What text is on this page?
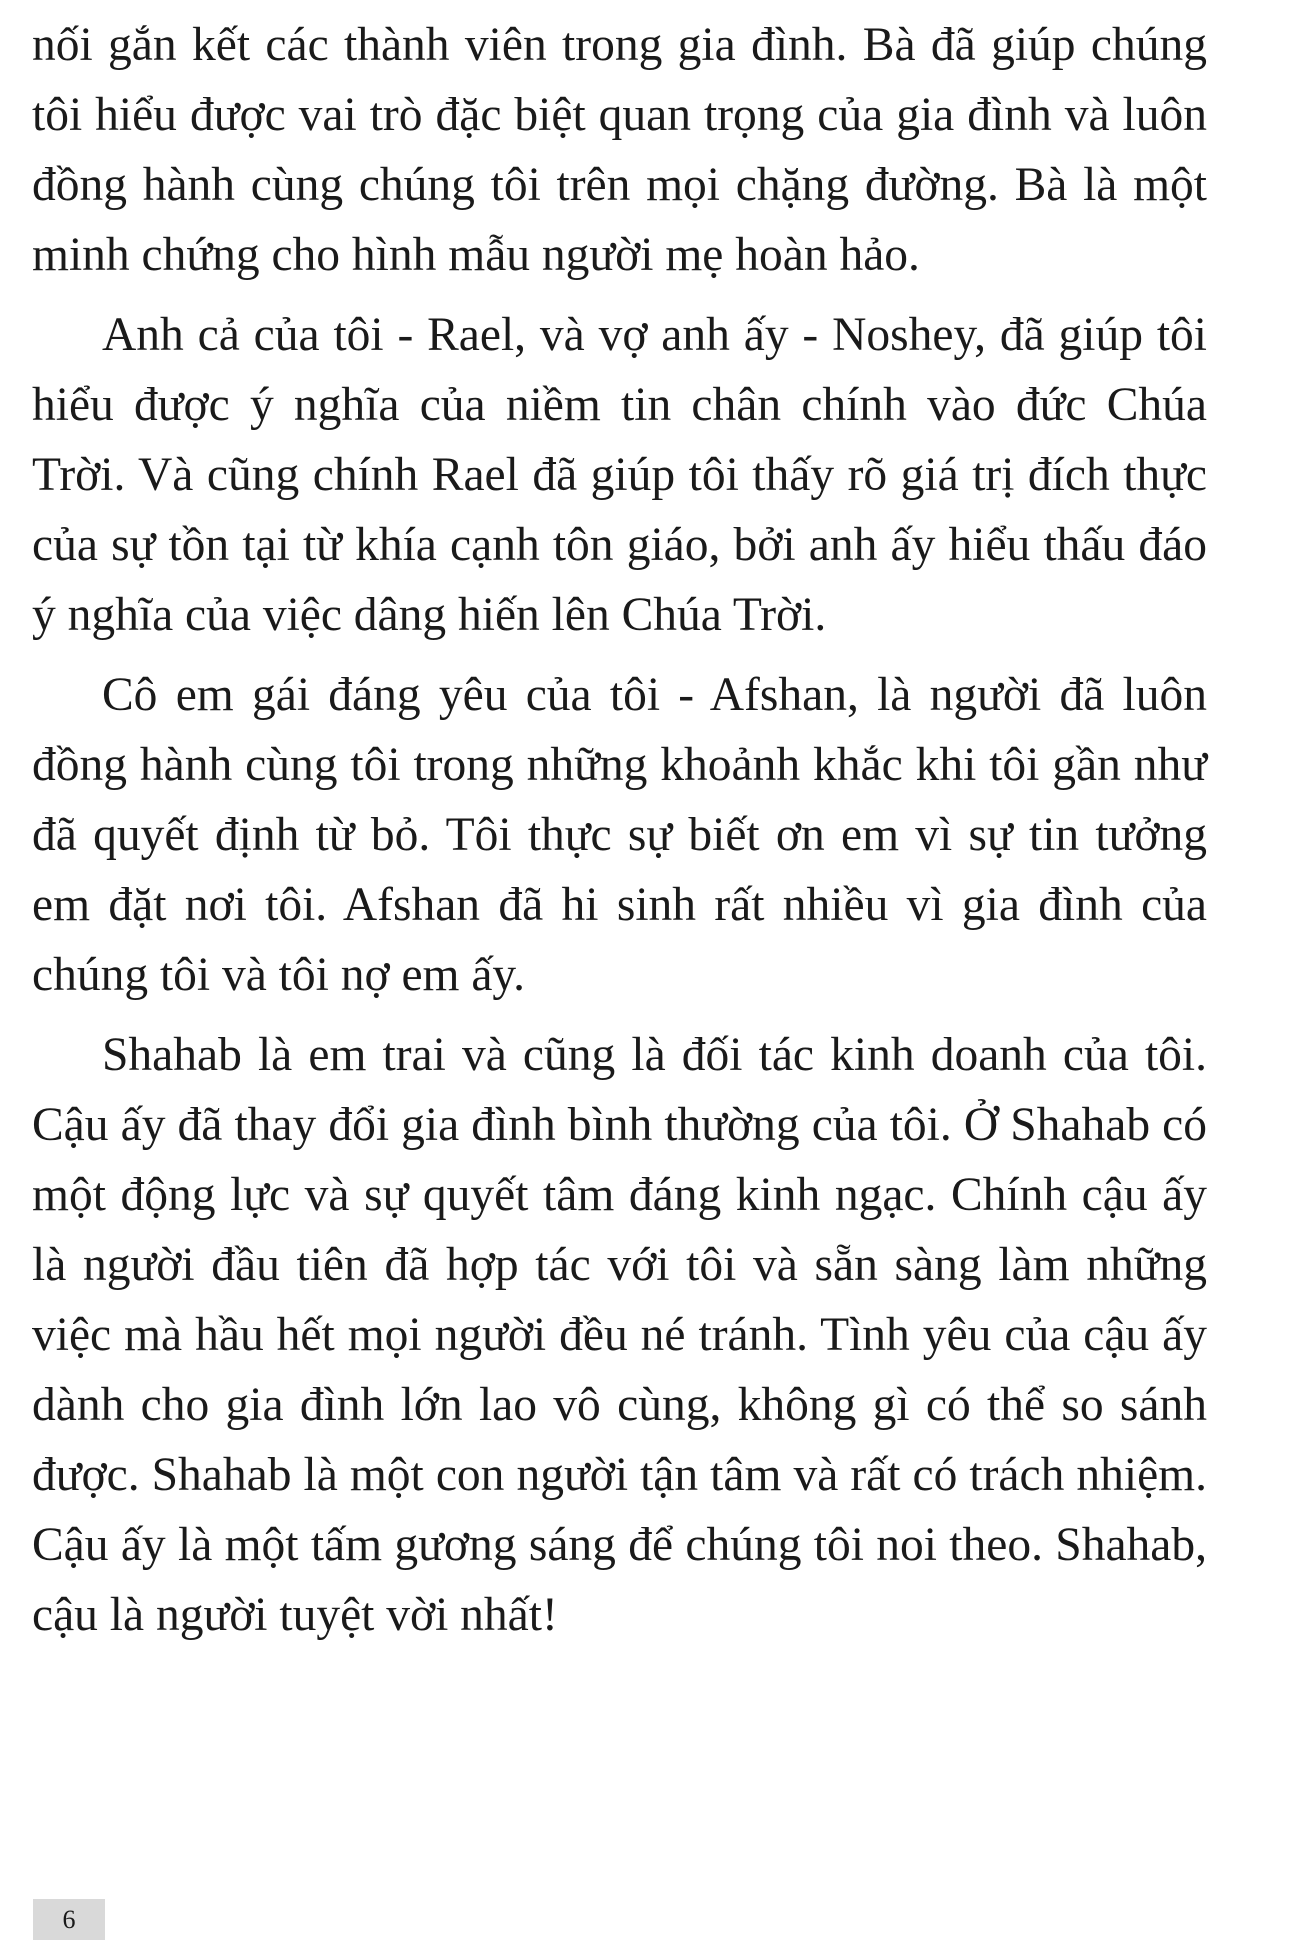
nối gắn kết các thành viên trong gia đình. Bà đã giúp chúng tôi hiểu được vai trò đặc biệt quan trọng của gia đình và luôn đồng hành cùng chúng tôi trên mọi chặng đường. Bà là một minh chứng cho hình mẫu người mẹ hoàn hảo.

Anh cả của tôi - Rael, và vợ anh ấy - Noshey, đã giúp tôi hiểu được ý nghĩa của niềm tin chân chính vào đức Chúa Trời. Và cũng chính Rael đã giúp tôi thấy rõ giá trị đích thực của sự tồn tại từ khía cạnh tôn giáo, bởi anh ấy hiểu thấu đáo ý nghĩa của việc dâng hiến lên Chúa Trời.

Cô em gái đáng yêu của tôi - Afshan, là người đã luôn đồng hành cùng tôi trong những khoảnh khắc khi tôi gần như đã quyết định từ bỏ. Tôi thực sự biết ơn em vì sự tin tưởng em đặt nơi tôi. Afshan đã hi sinh rất nhiều vì gia đình của chúng tôi và tôi nợ em ấy.

Shahab là em trai và cũng là đối tác kinh doanh của tôi. Cậu ấy đã thay đổi gia đình bình thường của tôi. Ở Shahab có một động lực và sự quyết tâm đáng kinh ngạc. Chính cậu ấy là người đầu tiên đã hợp tác với tôi và sẵn sàng làm những việc mà hầu hết mọi người đều né tránh. Tình yêu của cậu ấy dành cho gia đình lớn lao vô cùng, không gì có thể so sánh được. Shahab là một con người tận tâm và rất có trách nhiệm. Cậu ấy là một tấm gương sáng để chúng tôi noi theo. Shahab, cậu là người tuyệt vời nhất!

6
